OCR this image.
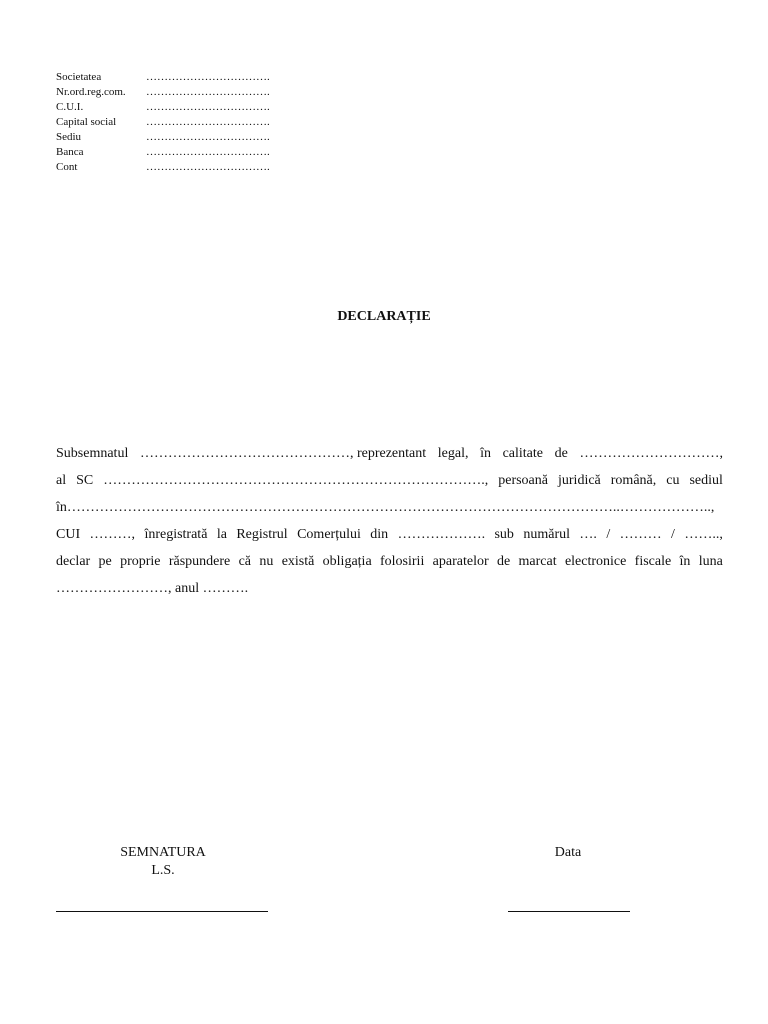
Societatea	…………………………….
Nr.ord.reg.com.	…………………………….
C.U.I.	…………………………….
Capital social	…………………………….
Sediu	…………………………….
Banca	…………………………….
Cont	…………………………….
DECLARAȚIE
Subsemnatul ………………………………………, reprezentant legal, în calitate de …………………………,
al SC ………………………………………………………………………., persoană juridică română, cu sediul
în………………………………………………………………………………………………………..………………..,
CUI ………, înregistrată la Registrul Comerțului din ………………. sub numărul …. / ……… / ……..,
declar pe proprie răspundere că nu există obligația folosirii aparatelor de marcat electronice fiscale în luna
……………………, anul ……….
SEMNATURA
L.S.
Data
